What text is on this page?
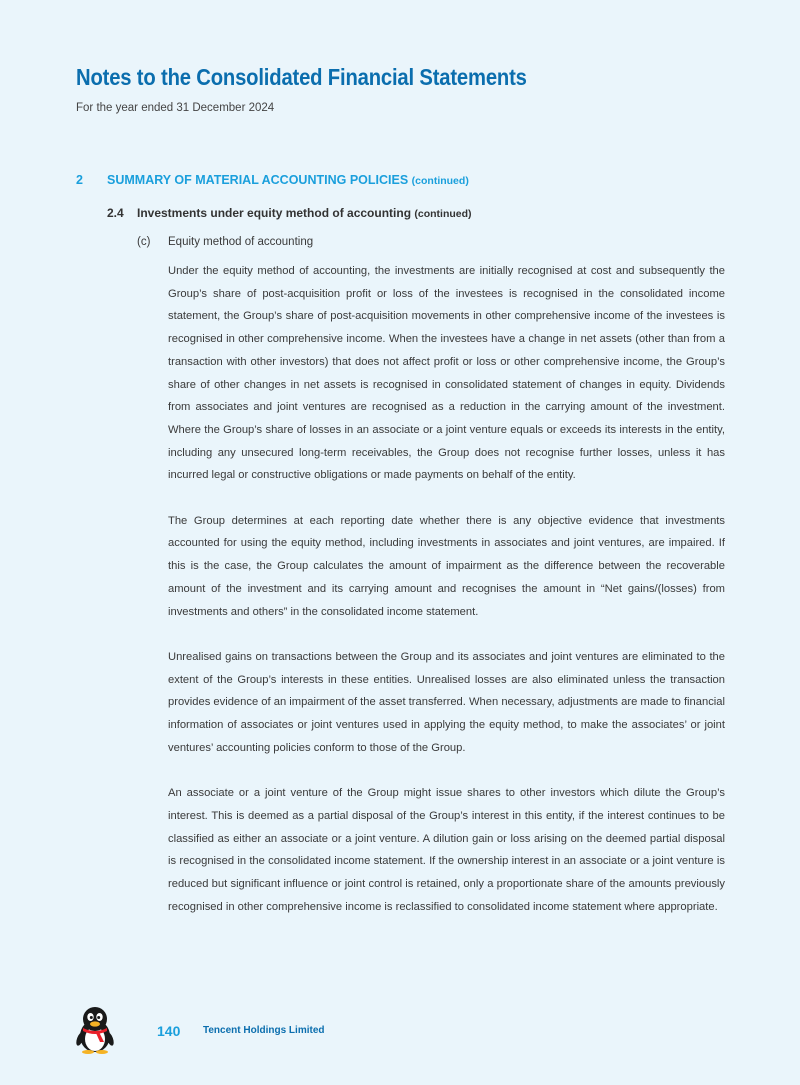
Notes to the Consolidated Financial Statements
For the year ended 31 December 2024
2 SUMMARY OF MATERIAL ACCOUNTING POLICIES (continued)
2.4 Investments under equity method of accounting (continued)
(c) Equity method of accounting

Under the equity method of accounting, the investments are initially recognised at cost and subsequently the Group’s share of post-acquisition profit or loss of the investees is recognised in the consolidated income statement, the Group’s share of post-acquisition movements in other comprehensive income of the investees is recognised in other comprehensive income. When the investees have a change in net assets (other than from a transaction with other investors) that does not affect profit or loss or other comprehensive income, the Group’s share of other changes in net assets is recognised in consolidated statement of changes in equity. Dividends from associates and joint ventures are recognised as a reduction in the carrying amount of the investment. Where the Group’s share of losses in an associate or a joint venture equals or exceeds its interests in the entity, including any unsecured long-term receivables, the Group does not recognise further losses, unless it has incurred legal or constructive obligations or made payments on behalf of the entity.

The Group determines at each reporting date whether there is any objective evidence that investments accounted for using the equity method, including investments in associates and joint ventures, are impaired. If this is the case, the Group calculates the amount of impairment as the difference between the recoverable amount of the investment and its carrying amount and recognises the amount in “Net gains/(losses) from investments and others” in the consolidated income statement.

Unrealised gains on transactions between the Group and its associates and joint ventures are eliminated to the extent of the Group’s interests in these entities. Unrealised losses are also eliminated unless the transaction provides evidence of an impairment of the asset transferred. When necessary, adjustments are made to financial information of associates or joint ventures used in applying the equity method, to make the associates’ or joint ventures’ accounting policies conform to those of the Group.

An associate or a joint venture of the Group might issue shares to other investors which dilute the Group’s interest. This is deemed as a partial disposal of the Group’s interest in this entity, if the interest continues to be classified as either an associate or a joint venture. A dilution gain or loss arising on the deemed partial disposal is recognised in the consolidated income statement. If the ownership interest in an associate or a joint venture is reduced but significant influence or joint control is retained, only a proportionate share of the amounts previously recognised in other comprehensive income is reclassified to consolidated income statement where appropriate.

140 Tencent Holdings Limited
